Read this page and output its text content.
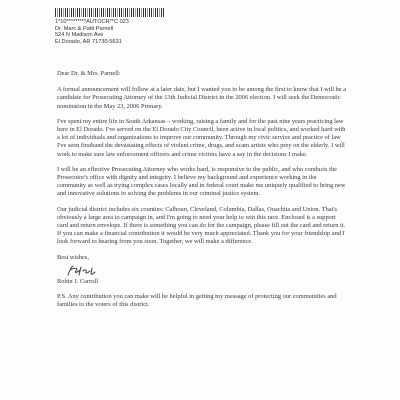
1*10*********AUTOCR**C 023
Dr. Marc & Patti Parnell
524 N Madison Ave
El Dorado, AR 71730-5631

Dear Dr. & Mrs. Parnell:

A formal announcement will follow at a later date, but I wanted you to be among the first to know that I will be a candidate for Prosecuting Attorney of the 13th Judicial District in the 2006 election. I will seek the Democratic nomination in the May 23, 2006 Primary.

I've spent my entire life in South Arkansas – working, raising a family and for the past nine years practicing law here in El Dorado. I've served on the El Dorado City Council, been active in local politics, and worked hard with a lot of individuals and organizations to improve our community. Through my civic service and practice of law I've seen firsthand the devastating effects of violent crime, drugs, and scam artists who prey on the elderly. I will work to make sure law enforcement officers and crime victims have a say in the decisions I make.

I will be an effective Prosecuting Attorney who works hard, is responsive to the public, and who conducts the Prosecutor's office with dignity and integrity. I believe my background and experience working in the community as well as trying complex cases locally and in federal court make me uniquely qualified to bring new and innovative solutions to solving the problems in our criminal justice system.

Our judicial district includes six counties: Calhoun, Cleveland, Columbia, Dallas, Ouachita and Union. That's obviously a large area to campaign in, and I'm going to need your help to win this race. Enclosed is a support card and return envelope. If there is something you can do for the campaign, please fill out the card and return it. If you can make a financial contribution it would be very much appreciated. Thank you for your friendship and I look forward to hearing from you soon. Together, we will make a difference.

Best wishes,

Robin J. Carroll

P.S. Any contribution you can make will be helpful in getting my message of protecting our communities and families to the voters of this district.
